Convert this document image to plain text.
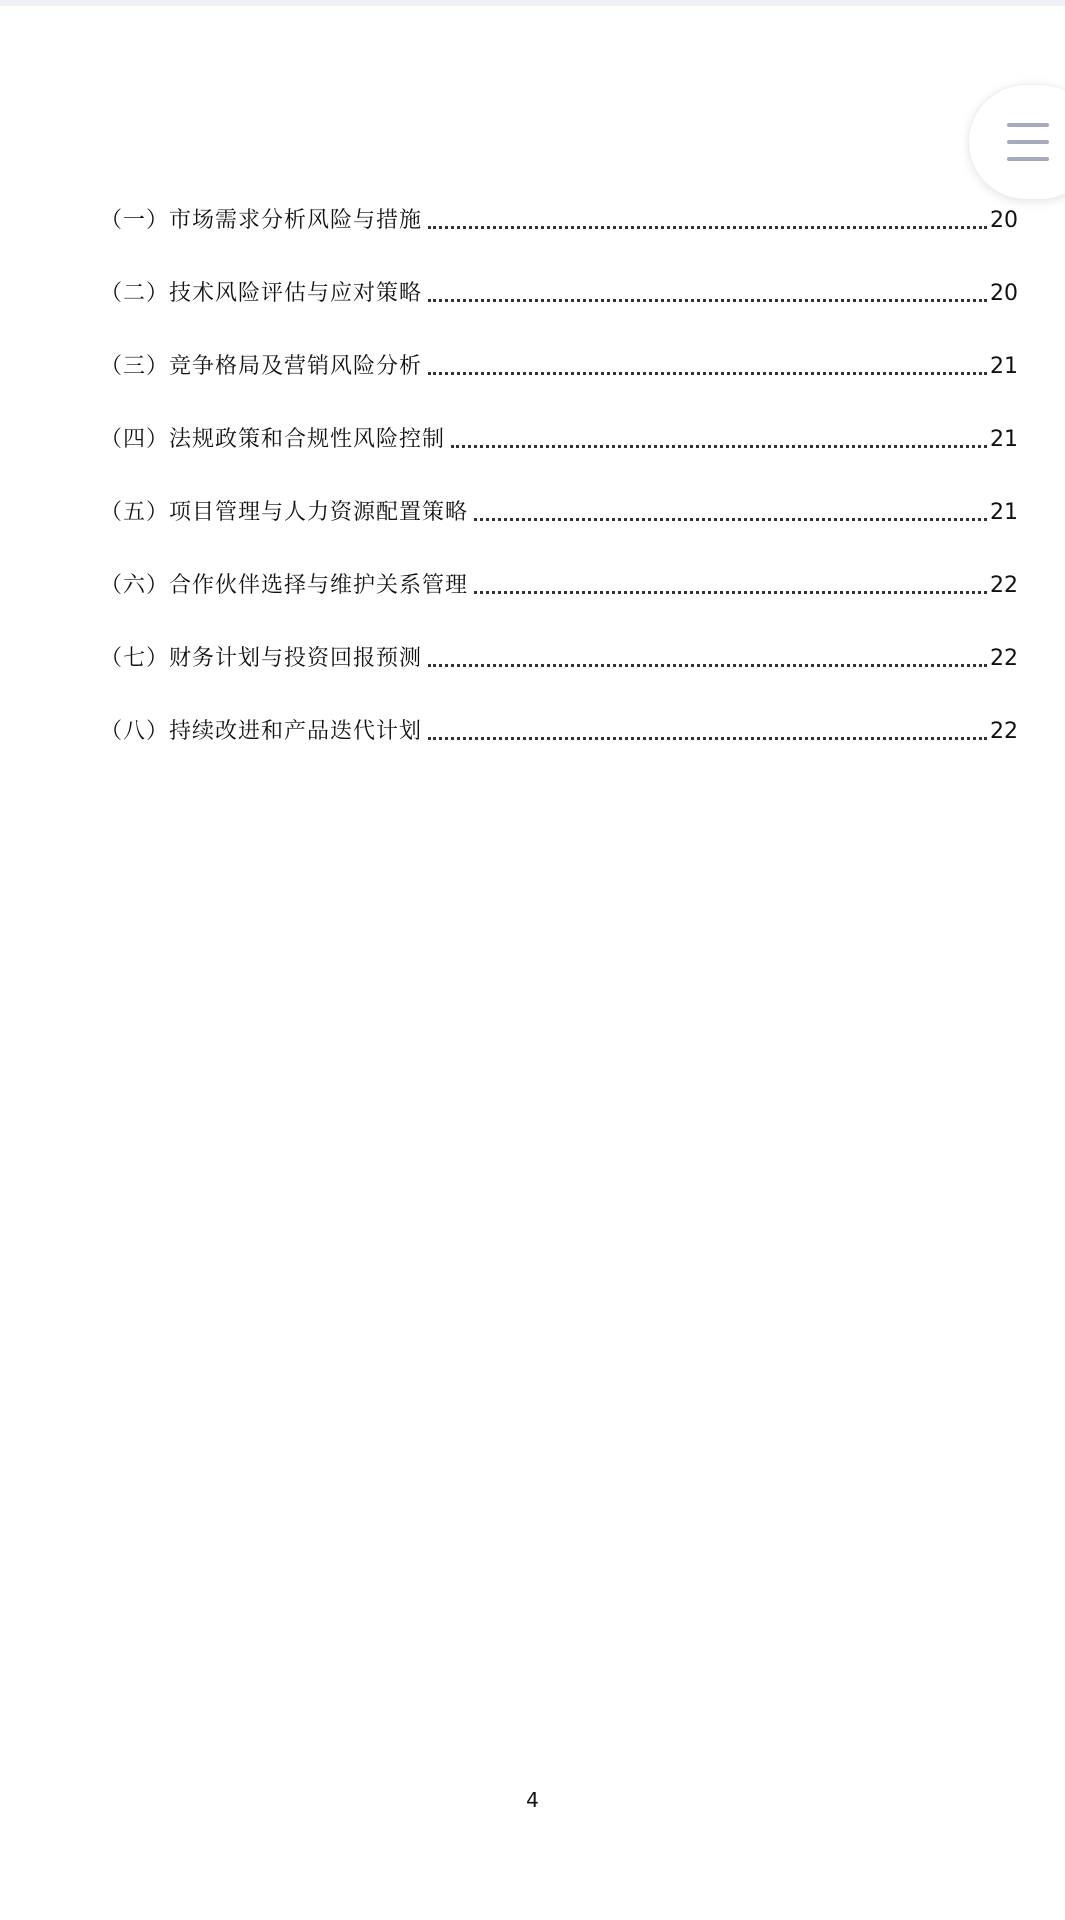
（一）市场需求分析风险与措施	20
（二）技术风险评估与应对策略	20
（三）竞争格局及营销风险分析	21
（四）法规政策和合规性风险控制	21
（五）项目管理与人力资源配置策略	21
（六）合作伙伴选择与维护关系管理	22
（七）财务计划与投资回报预测	22
（八）持续改进和产品迭代计划	22
4
